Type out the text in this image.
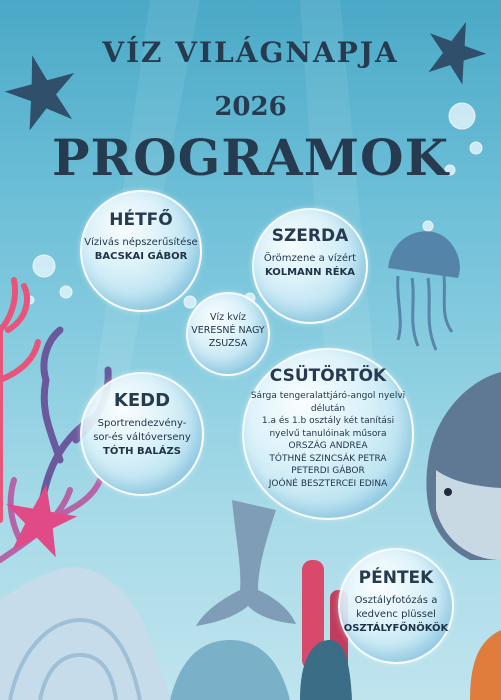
VÍZ VILÁGNAPJA
2026
PROGRAMOK
HÉTFŐ
Vízivás népszerűsítése
BACSKAI GÁBOR
SZERDA
Örömzene a vízért
KOLMANN RÉKA
Víz kvíz
VERESNÉ NAGY
ZSUZSA
KEDD
Sportrendezvény-
sor-és váltóverseny
TÓTH BALÁZS
CSÜTÖRTÖK
Sárga tengeralattjáró-angol nyelvi
délután
1.a és 1.b osztály két tanítási
nyelvű tanulóinak műsora
ORSZÁG ANDREA
TÓTHNÉ SZINCSÁK PETRA
PETERDI GÁBOR
JOÓNÉ BESZTERCEI EDINA
PÉNTEK
Osztályfotózás a
kedvenc plüssel
OSZTÁLYFŐNÖKÖK
